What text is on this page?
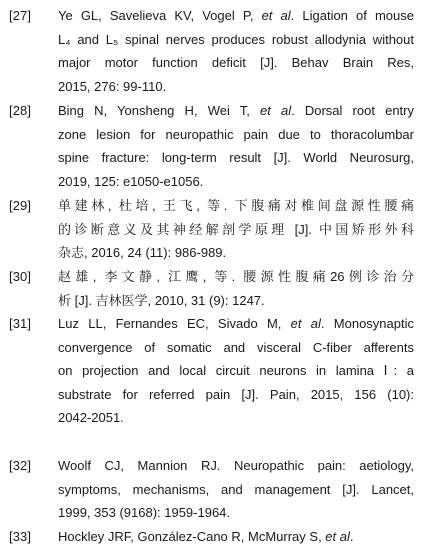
[27] Ye GL, Savelieva KV, Vogel P, et al. Ligation of mouse
L₄ and L₅ spinal nerves produces robust allodynia without
major motor function deficit [J]. Behav Brain Res,
2015, 276: 99-110.
[28] Bing N, Yonsheng H, Wei T, et al. Dorsal root entry
zone lesion for neuropathic pain due to thoracolumbar
spine fracture: long-term result [J]. World Neurosurg,
2019, 125: e1050-e1056.
[29] 单建林, 杜培, 王飞, 等. 下腹痛对椎间盘源性腰痛
的诊断意义及其神经解剖学原理 [J]. 中国矫形外科
杂志, 2016, 24 (11): 986-989.
[30] 赵雄, 李文静, 江鹰, 等. 腰源性腹痛26例诊治分
析 [J]. 吉林医学, 2010, 31 (9): 1247.
[31] Luz LL, Fernandes EC, Sivado M, et al. Monosynaptic
convergence of somatic and visceral C-fiber afferents
on projection and local circuit neurons in lamina Ⅰ: a
substrate for referred pain [J]. Pain, 2015, 156 (10):
2042-2051.
[32] Woolf CJ, Mannion RJ. Neuropathic pain: aetiology,
symptoms, mechanisms, and management [J]. Lancet,
1999, 353 (9168): 1959-1964.
[33] Hockley JRF, González-Cano R, McMurray S, et al.
